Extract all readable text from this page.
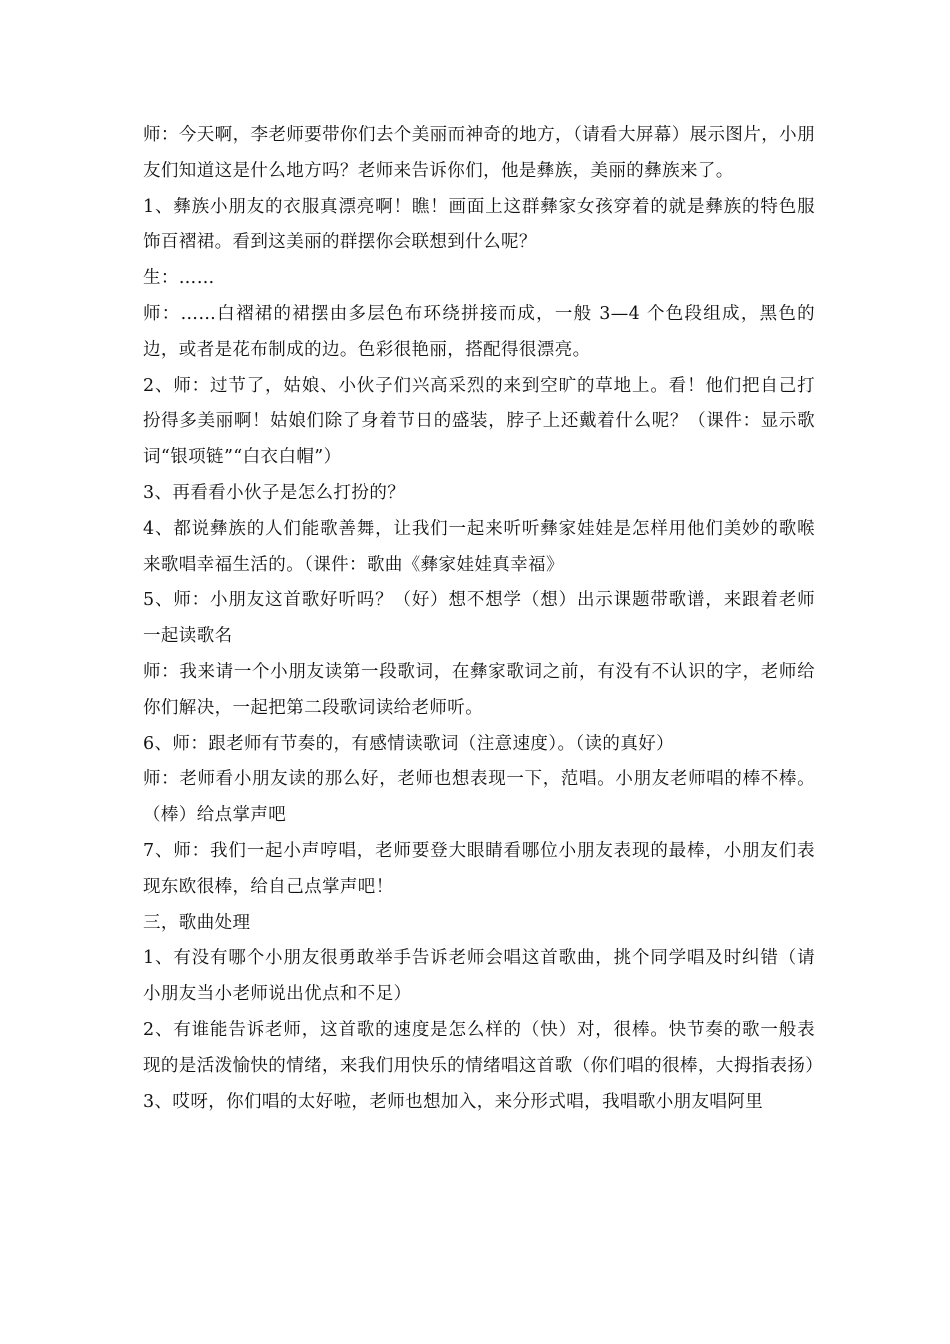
师：今天啊，李老师要带你们去个美丽而神奇的地方，（请看大屏幕）展示图片，小朋友们知道这是什么地方吗？老师来告诉你们，他是彝族，美丽的彝族来了。

1、彝族小朋友的衣服真漂亮啊！瞧！画面上这群彝家女孩穿着的就是彝族的特色服饰百褶裙。看到这美丽的群摆你会联想到什么呢？

生：……

师：……白褶裙的裙摆由多层色布环绕拼接而成，一般 3—4 个色段组成，黑色的边，或者是花布制成的边。色彩很艳丽，搭配得很漂亮。

2、师：过节了，姑娘、小伙子们兴高采烈的来到空旷的草地上。看！他们把自己打扮得多美丽啊！姑娘们除了身着节日的盛装，脖子上还戴着什么呢？（课件：显示歌词“银项链”“白衣白帽”）

3、再看看小伙子是怎么打扮的？

4、都说彝族的人们能歌善舞，让我们一起来听听彝家娃娃是怎样用他们美妙的歌喉来歌唱幸福生活的。（课件：歌曲《彝家娃娃真幸福》

5、师：小朋友这首歌好听吗？（好）想不想学（想）出示课题带歌谱，来跟着老师一起读歌名

师：我来请一个小朋友读第一段歌词，在彝家歌词之前，有没有不认识的字，老师给你们解决，一起把第二段歌词读给老师听。

6、师：跟老师有节奏的，有感情读歌词（注意速度）。（读的真好）

师：老师看小朋友读的那么好，老师也想表现一下，范唱。小朋友老师唱的棒不棒。（棒）给点掌声吧

7、师：我们一起小声哼唱，老师要登大眼睛看哪位小朋友表现的最棒，小朋友们表现东欧很棒，给自己点掌声吧！

三，歌曲处理

1、有没有哪个小朋友很勇敢举手告诉老师会唱这首歌曲，挑个同学唱及时纠错（请小朋友当小老师说出优点和不足）

2、有谁能告诉老师，这首歌的速度是怎么样的（快）对，很棒。快节奏的歌一般表现的是活泼愉快的情绪，来我们用快乐的情绪唱这首歌（你们唱的很棒，大拇指表扬）

3、哎呀，你们唱的太好啦，老师也想加入，来分形式唱，我唱歌小朋友唱阿里
